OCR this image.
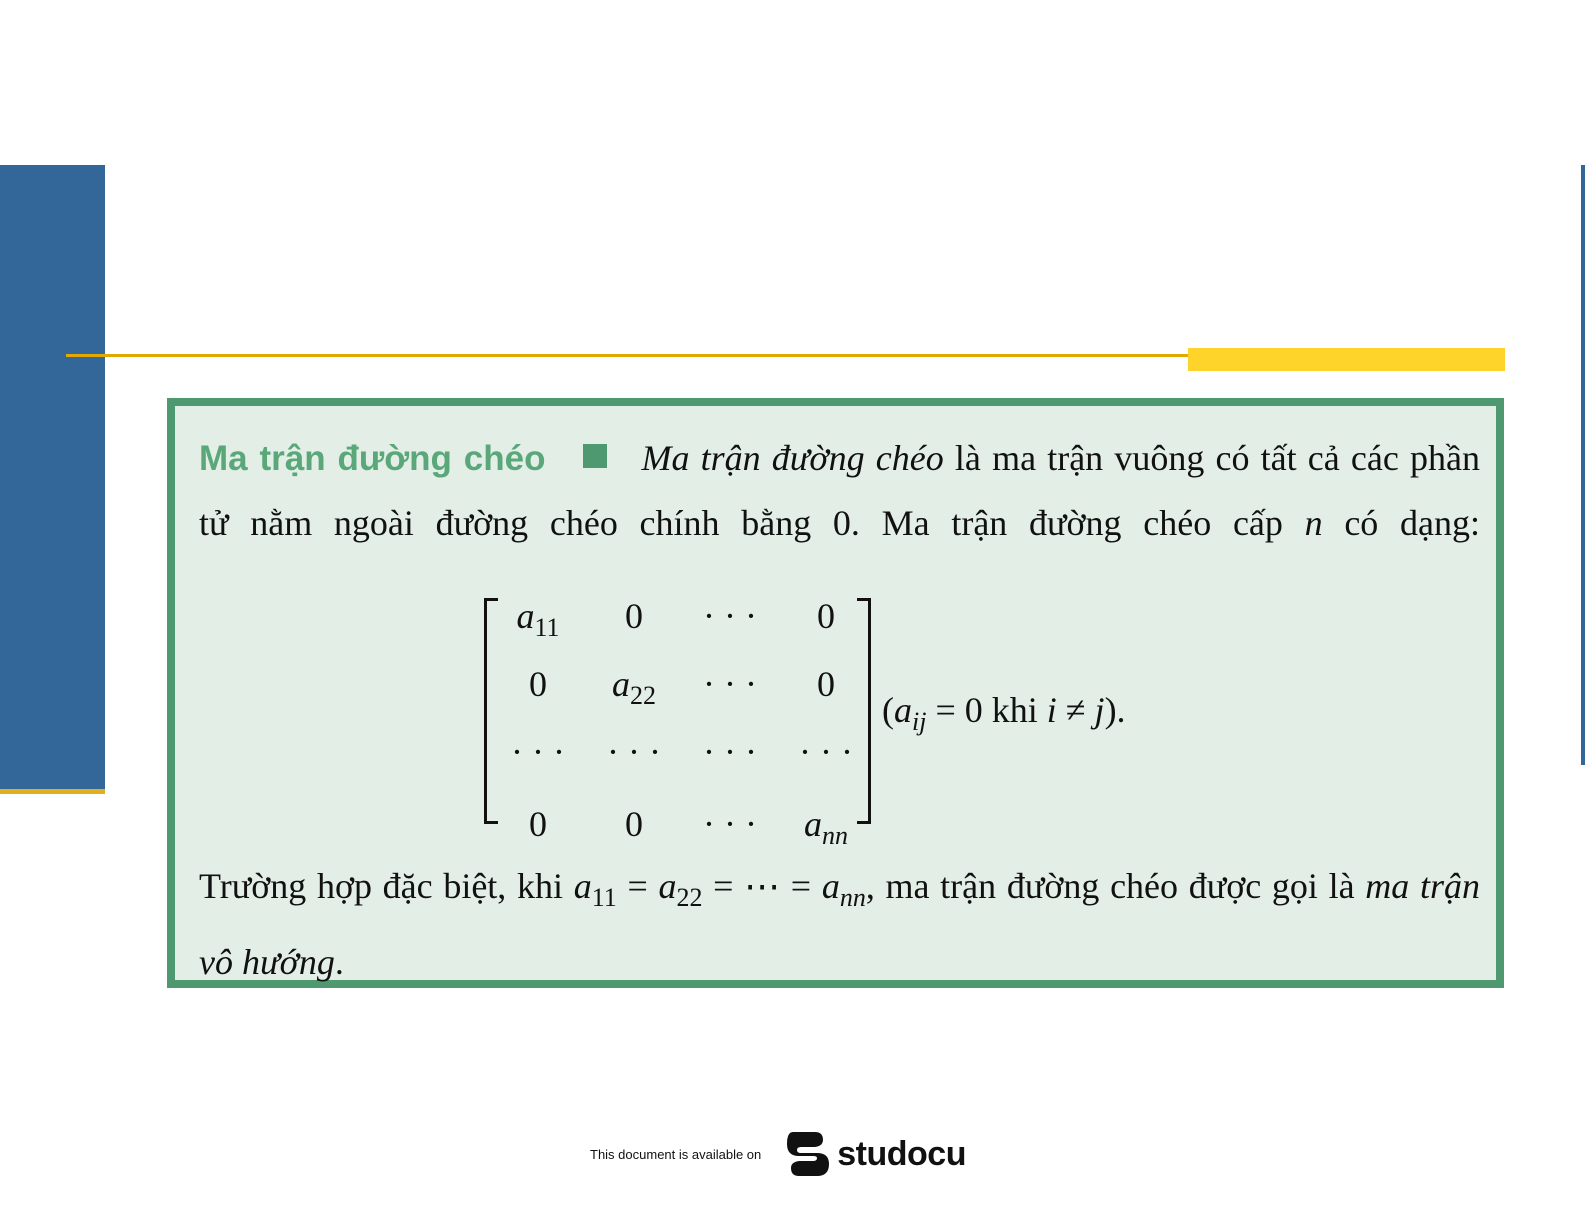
Ma trận đường chéo	Ma trận đường chéo là ma trận vuông có tất cả các phần tử nằm ngoài đường chéo chính bằng 0. Ma trận đường chéo cấp n có dạng:
$a_{11}$	0	· · ·	0
0	$a_{22}$	· · ·	0
· · ·	· · ·	· · ·	· · ·
0	0	· · ·	$a_{nn}$
($a_{ij} = 0$ khi i ≠ j).
Trường hợp đặc biệt, khi $a_{11} = a_{22}$ = ⋯ = $a_{nn}$, ma trận đường chéo được gọi là ma trận vô hướng.
This document is available on studocu
